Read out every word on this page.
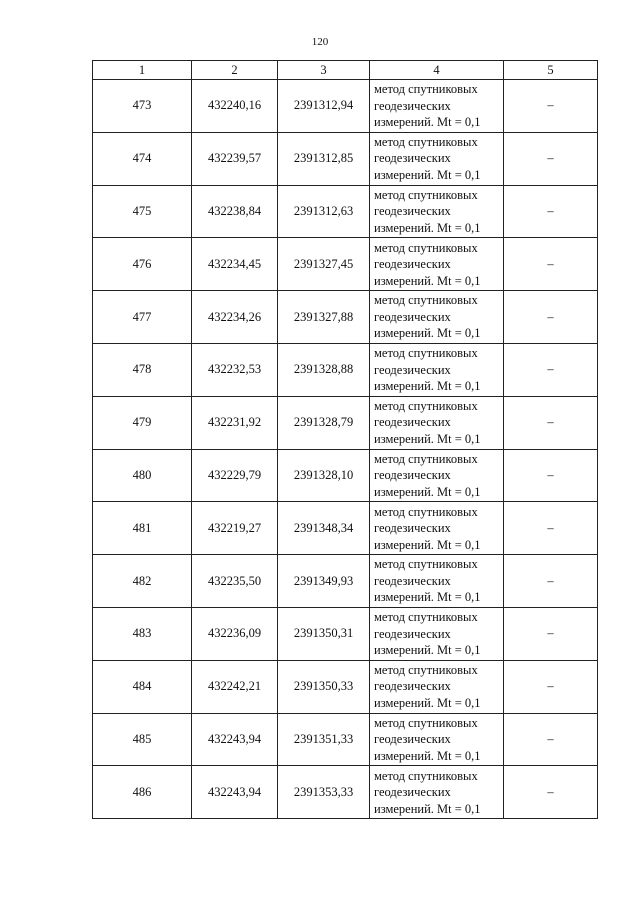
120
1	2	3	4	5
473	432240,16	2391312,94	метод спутниковых
геодезических
измерений. Mt = 0,1	–
474	432239,57	2391312,85	метод спутниковых
геодезических
измерений. Mt = 0,1	–
475	432238,84	2391312,63	метод спутниковых
геодезических
измерений. Mt = 0,1	–
476	432234,45	2391327,45	метод спутниковых
геодезических
измерений. Mt = 0,1	–
477	432234,26	2391327,88	метод спутниковых
геодезических
измерений. Mt = 0,1	–
478	432232,53	2391328,88	метод спутниковых
геодезических
измерений. Mt = 0,1	–
479	432231,92	2391328,79	метод спутниковых
геодезических
измерений. Mt = 0,1	–
480	432229,79	2391328,10	метод спутниковых
геодезических
измерений. Mt = 0,1	–
481	432219,27	2391348,34	метод спутниковых
геодезических
измерений. Mt = 0,1	–
482	432235,50	2391349,93	метод спутниковых
геодезических
измерений. Mt = 0,1	–
483	432236,09	2391350,31	метод спутниковых
геодезических
измерений. Mt = 0,1	–
484	432242,21	2391350,33	метод спутниковых
геодезических
измерений. Mt = 0,1	–
485	432243,94	2391351,33	метод спутниковых
геодезических
измерений. Mt = 0,1	–
486	432243,94	2391353,33	метод спутниковых
геодезических
измерений. Mt = 0,1	–
